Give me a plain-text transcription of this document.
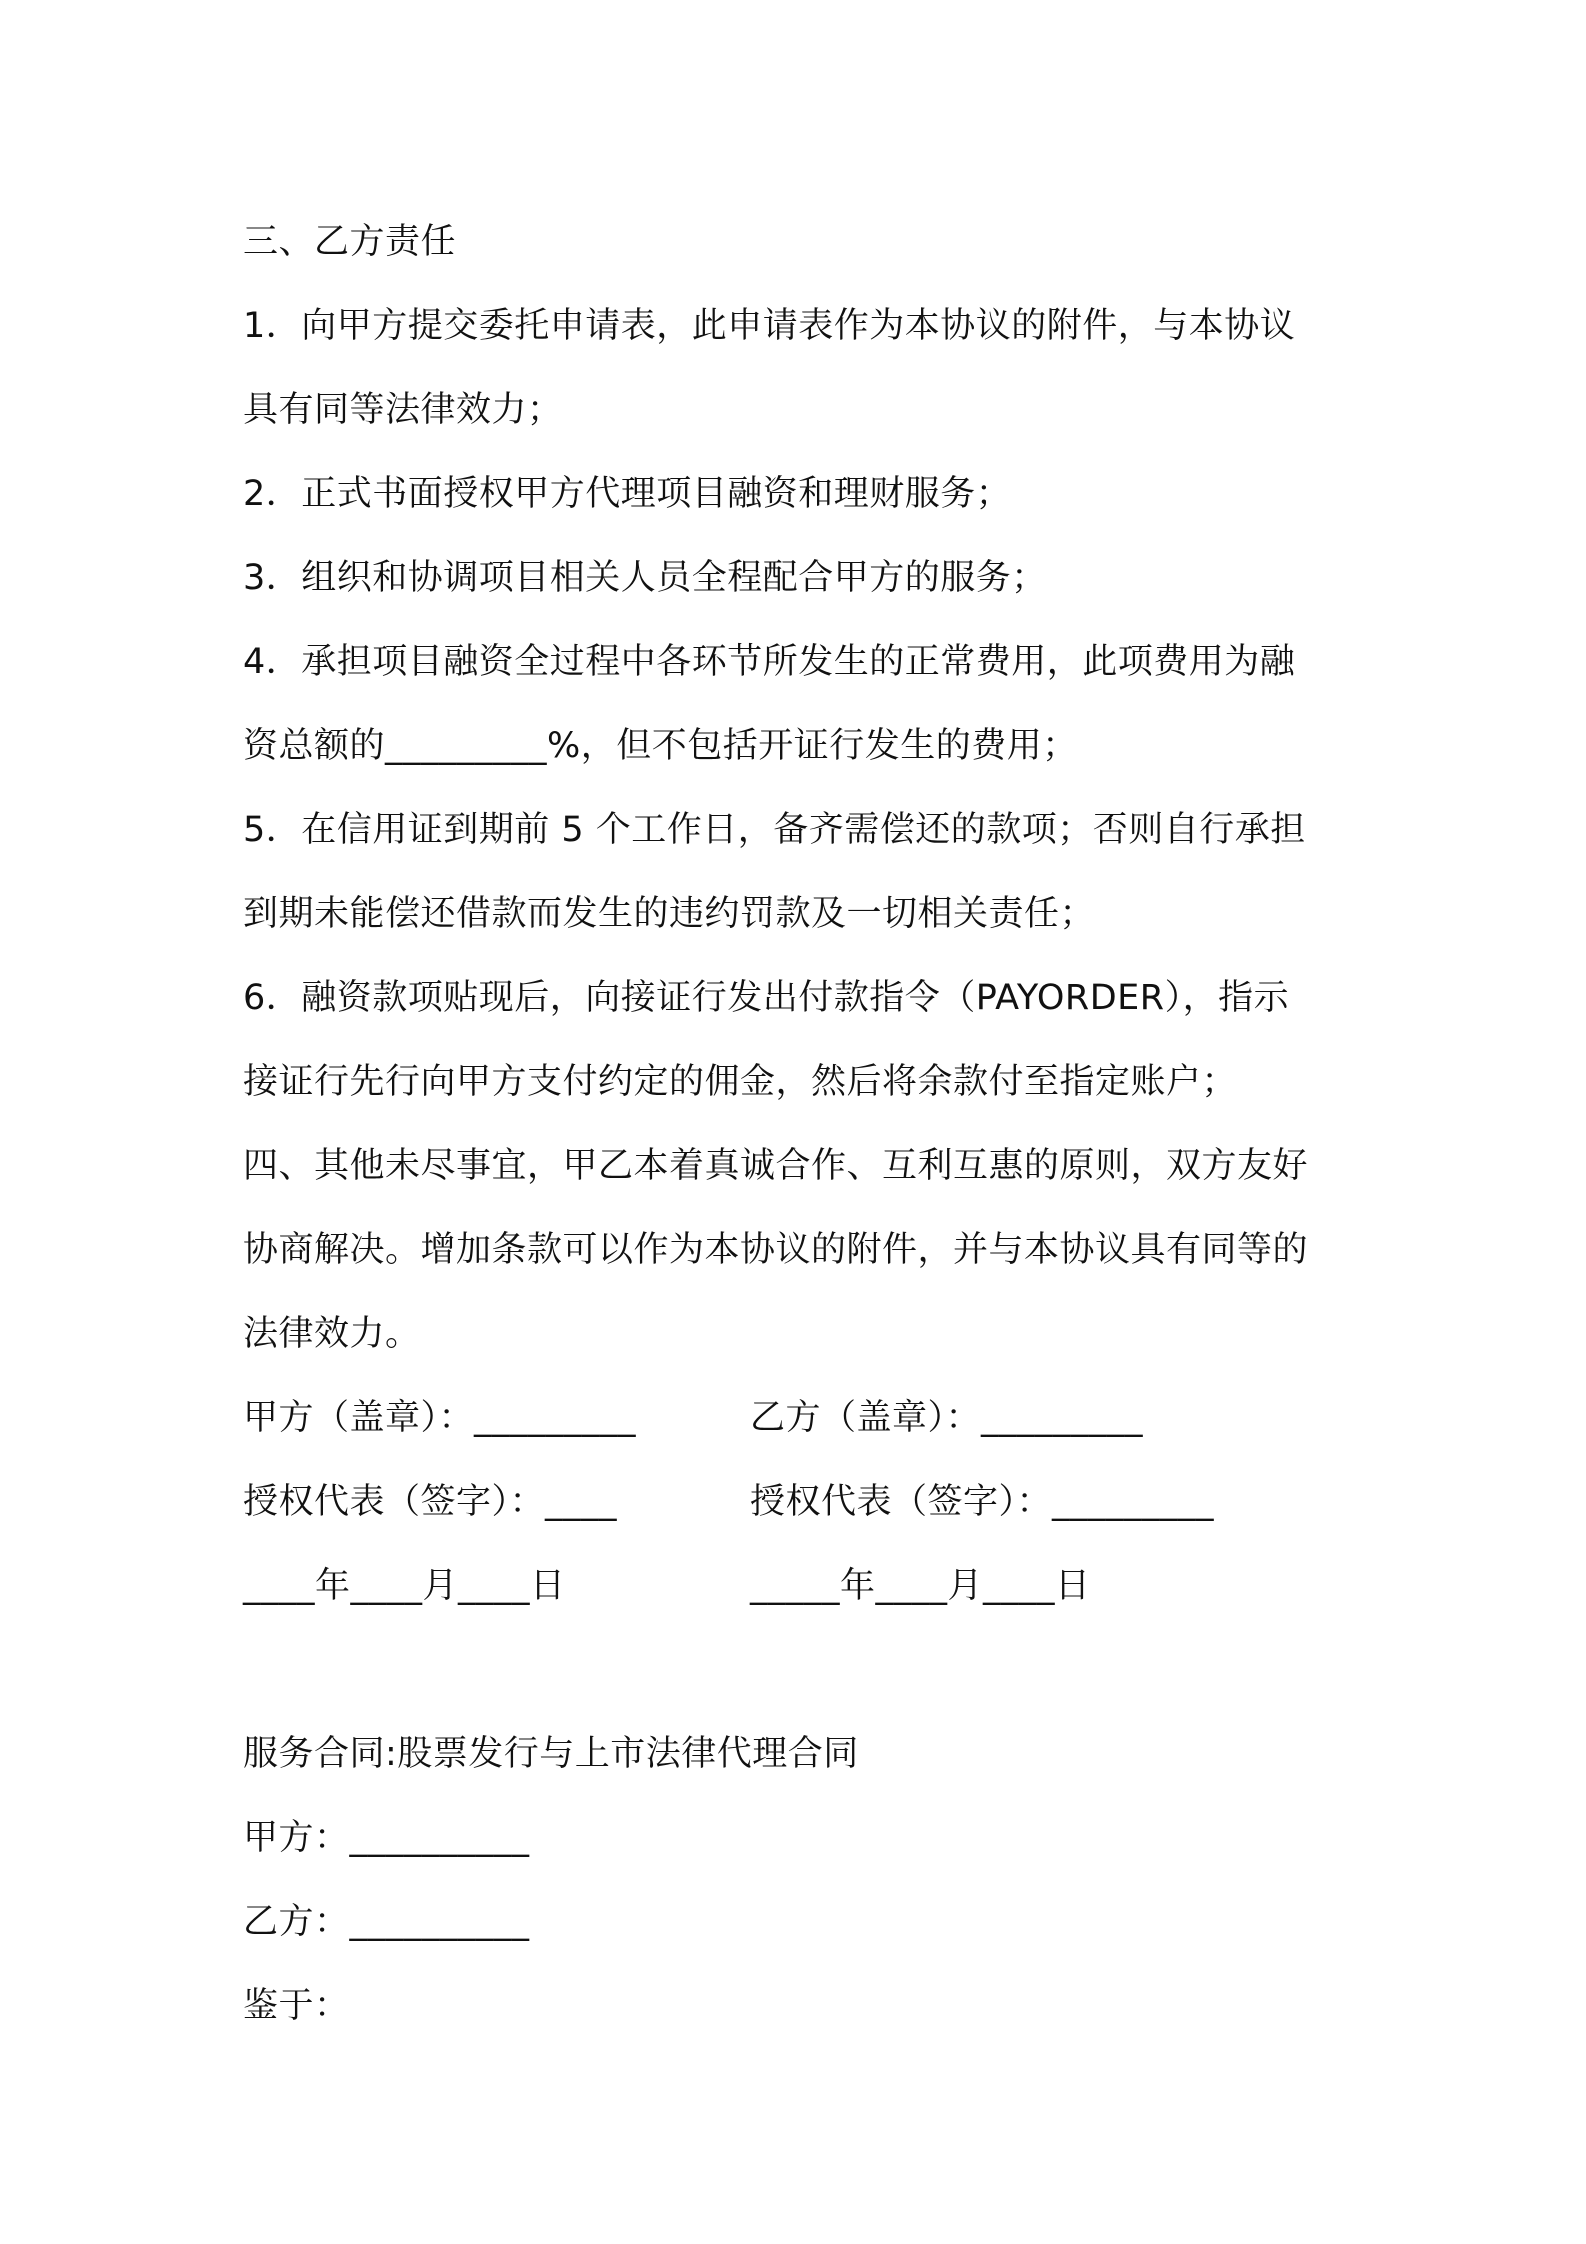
三、乙方责任

1．向甲方提交委托申请表，此申请表作为本协议的附件，与本协议

具有同等法律效力；

2．正式书面授权甲方代理项目融资和理财服务；

3．组织和协调项目相关人员全程配合甲方的服务；

4．承担项目融资全过程中各环节所发生的正常费用，此项费用为融

资总额的_________%，但不包括开证行发生的费用；

5．在信用证到期前 5 个工作日，备齐需偿还的款项；否则自行承担

到期未能偿还借款而发生的违约罚款及一切相关责任；

6．融资款项贴现后，向接证行发出付款指令（PAYORDER），指示

接证行先行向甲方支付约定的佣金，然后将余款付至指定账户；

四、其他未尽事宜，甲乙本着真诚合作、互利互惠的原则，双方友好

协商解决。增加条款可以作为本协议的附件，并与本协议具有同等的

法律效力。

甲方（盖章）：_________	乙方（盖章）：_________

授权代表（签字）：____	授权代表（签字）：_________

____年____月____日	_____年____月____日

服务合同:股票发行与上市法律代理合同

甲方：__________

乙方：__________

鉴于：
